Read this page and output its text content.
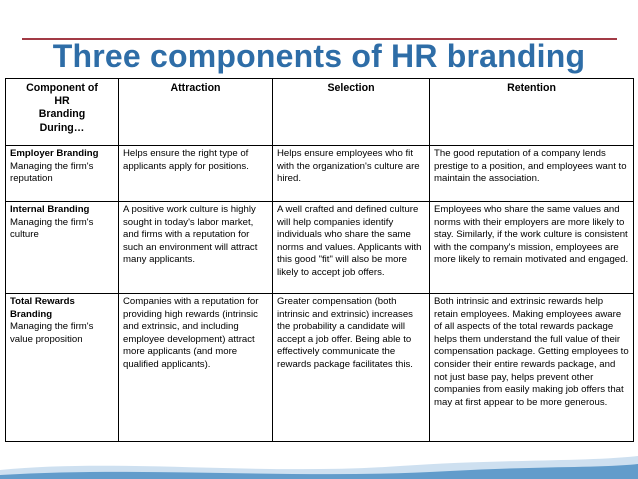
Three components of HR branding
Component of
HR
Branding
During…	Attraction	Selection	Retention

Employer Branding
Managing the firm's reputation	Helps ensure the right type of
applicants apply for positions.	Helps ensure employees who fit with the organization's culture are hired.	The good reputation of a company lends prestige to a position, and employees want to maintain the association.

Internal Branding
Managing the firm's culture	A positive work culture is highly sought in today's labor market, and firms with a reputation for such an environment will attract many applicants.	A well crafted and defined culture will help companies identify individuals who share the same norms and values. Applicants with this good "fit" will also be more likely to accept job offers.	Employees who share the same values and norms with their employers are more likely to stay. Similarly, if the work culture is consistent with the company's mission, employees are more likely to remain motivated and engaged.

Total Rewards Branding
Managing the firm's value proposition	Companies with a reputation for providing high rewards (intrinsic and extrinsic, and including employee development) attract
more applicants (and more qualified applicants).	Greater compensation (both intrinsic and extrinsic) increases the probability a candidate will accept a job offer. Being able to effectively communicate the rewards package facilitates this.	Both intrinsic and extrinsic rewards help retain employees. Making employees aware of all aspects of the total rewards package helps them understand the full value of their compensation package. Getting employees to consider their entire rewards package, and not just base pay, helps prevent other companies from easily making job offers that may at first appear to be more generous.
